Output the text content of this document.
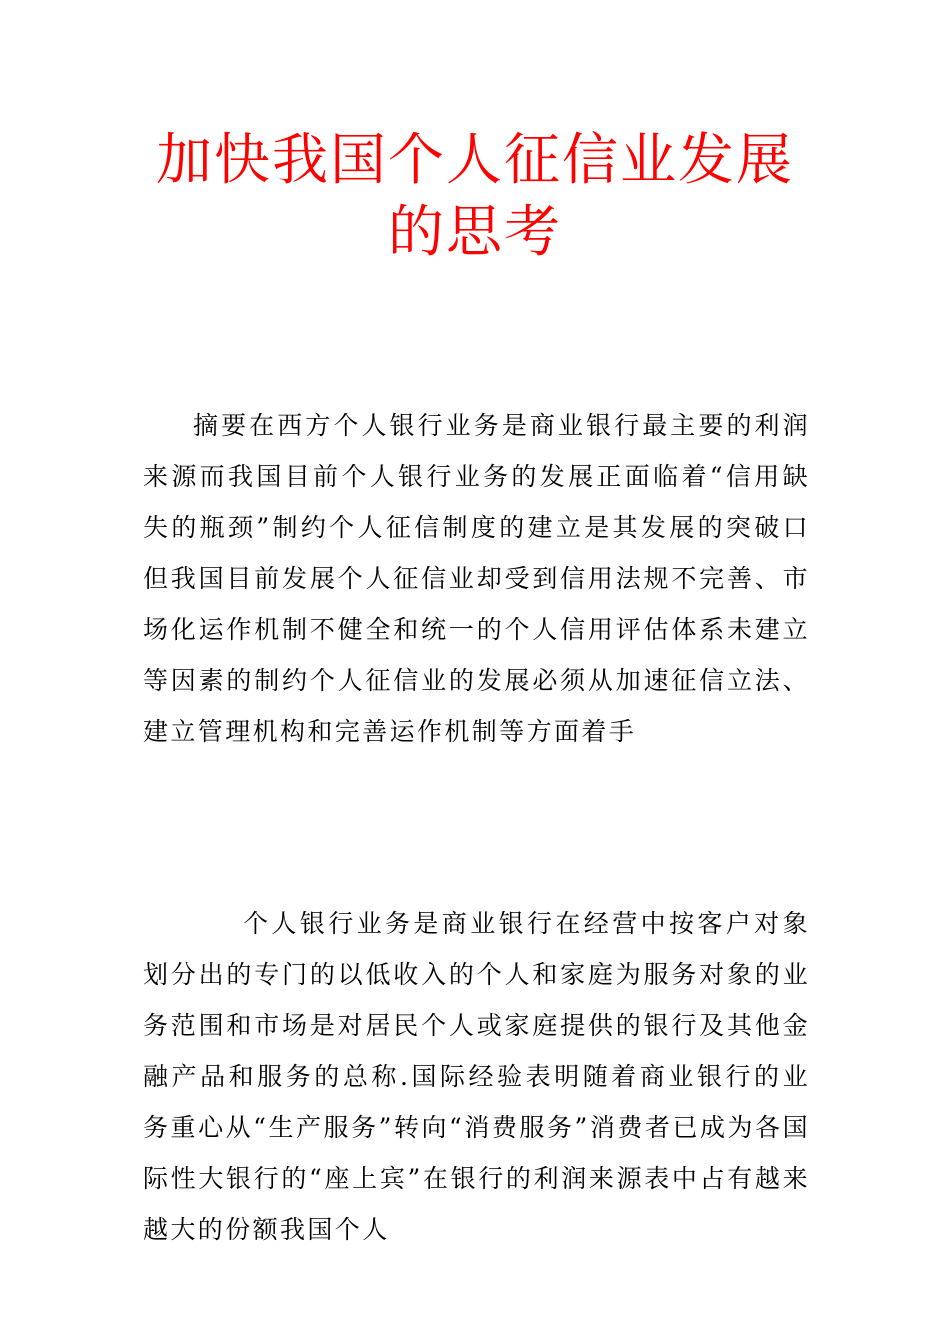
加快我国个人征信业发展
的思考

摘要在西方个人银行业务是商业银行最主要的利润来源而我国目前个人银行业务的发展正面临着“信用缺失的瓶颈”制约个人征信制度的建立是其发展的突破口但我国目前发展个人征信业却受到信用法规不完善、市场化运作机制不健全和统一的个人信用评估体系未建立等因素的制约个人征信业的发展必须从加速征信立法、建立管理机构和完善运作机制等方面着手

个人银行业务是商业银行在经营中按客户对象划分出的专门的以低收入的个人和家庭为服务对象的业务范围和市场是对居民个人或家庭提供的银行及其他金融产品和服务的总称.国际经验表明随着商业银行的业务重心从“生产服务”转向“消费服务”消费者已成为各国际性大银行的“座上宾”在银行的利润来源表中占有越来越大的份额我国个人
